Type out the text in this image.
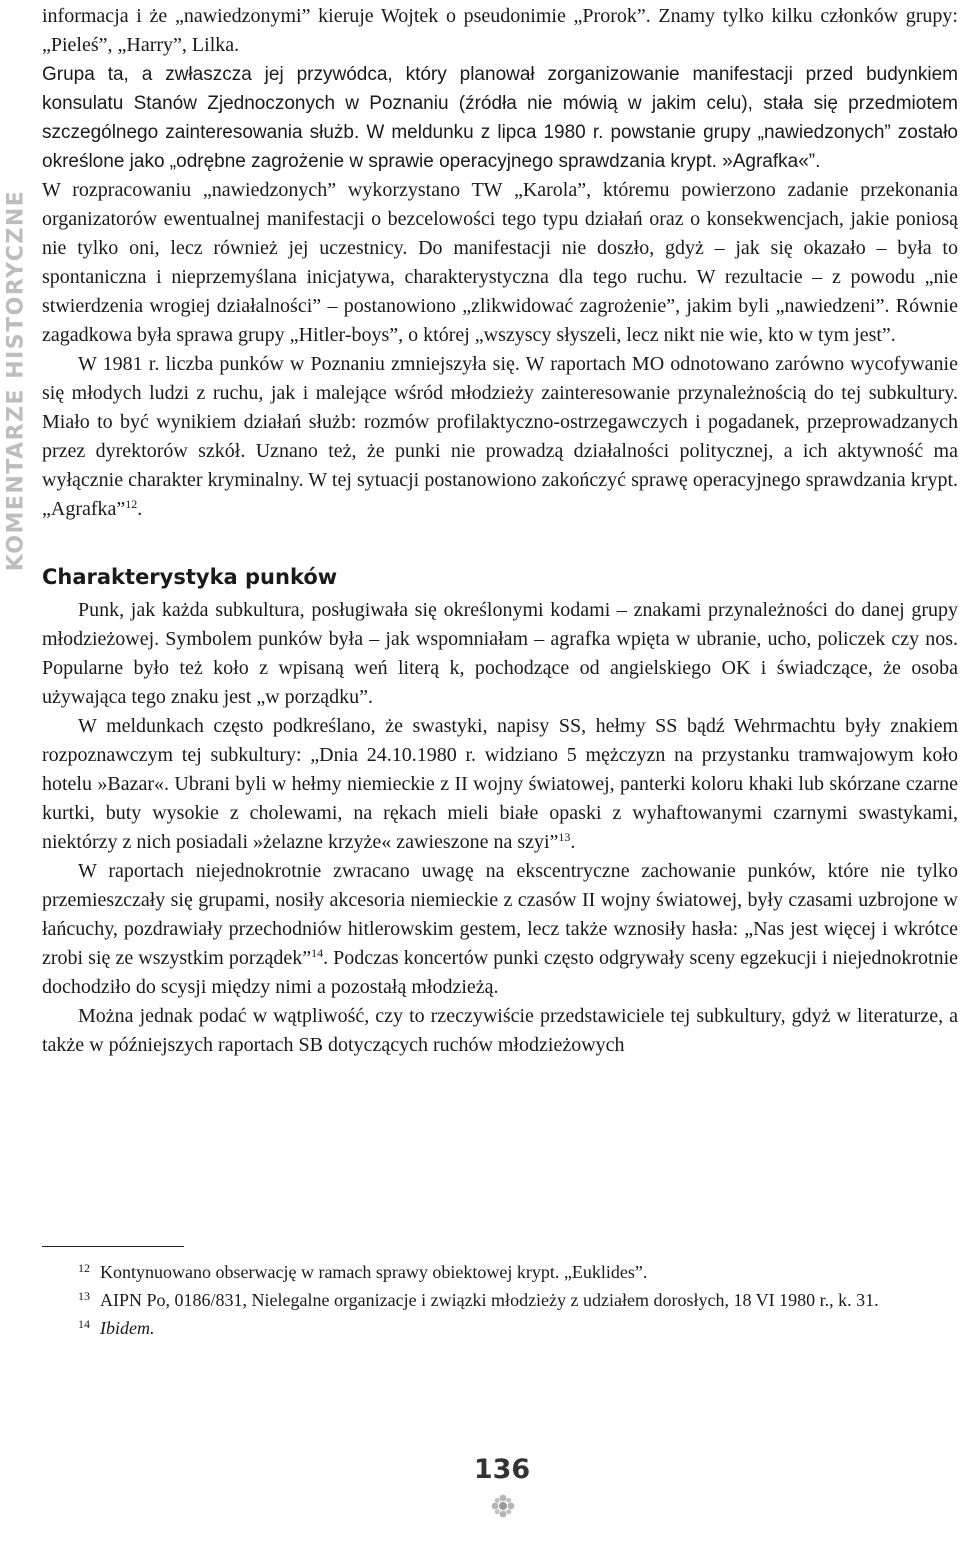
KOMENTARZE HISTORYCZNE

informacja i że „nawiedzonymi” kieruje Wojtek o pseudonimie „Prorok”. Znamy tylko kilku członków grupy: „Pieleś”, „Harry”, Lilka.

Grupa ta, a zwłaszcza jej przywódca, który planował zorganizowanie manifestacji przed budynkiem konsulatu Stanów Zjednoczonych w Poznaniu (źródła nie mówią w jakim celu), stała się przedmiotem szczególnego zainteresowania służb. W meldunku z lipca 1980 r. powstanie grupy „nawiedzonych” zostało określone jako „odrębne zagrożenie w sprawie operacyjnego sprawdzania krypt. »Agrafka«”.

W rozpracowaniu „nawiedzonych” wykorzystano TW „Karola”, któremu powierzono zadanie przekonania organizatorów ewentualnej manifestacji o bezcelowości tego typu działań oraz o konsekwencjach, jakie poniosą nie tylko oni, lecz również jej uczestnicy. Do manifestacji nie doszło, gdyż – jak się okazało – była to spontaniczna i nieprzemyślana inicjatywa, charakterystyczna dla tego ruchu. W rezultacie – z powodu „nie stwierdzenia wrogiej działalności” – postanowiono „zlikwidować zagrożenie”, jakim byli „nawiedzeni”. Równie zagadkowa była sprawa grupy „Hitler-boys”, o której „wszyscy słyszeli, lecz nikt nie wie, kto w tym jest”.

W 1981 r. liczba punków w Poznaniu zmniejszyła się. W raportach MO odnotowano zarówno wycofywanie się młodych ludzi z ruchu, jak i malejące wśród młodzieży zainteresowanie przynależnością do tej subkultury. Miało to być wynikiem działań służb: rozmów profilaktyczno-ostrzegawczych i pogadanek, przeprowadzanych przez dyrektorów szkół. Uznano też, że punki nie prowadzą działalności politycznej, a ich aktywność ma wyłącznie charakter kryminalny. W tej sytuacji postanowiono zakończyć sprawę operacyjnego sprawdzania krypt. „Agrafka”$^{12}$.

Charakterystyka punków

Punk, jak każda subkultura, posługiwała się określonymi kodami – znakami przynależności do danej grupy młodzieżowej. Symbolem punków była – jak wspomniałam – agrafka wpięta w ubranie, ucho, policzek czy nos. Popularne było też koło z wpisaną weń literą k, pochodzące od angielskiego OK i świadczące, że osoba używająca tego znaku jest „w porządku”.

W meldunkach często podkreślano, że swastyki, napisy SS, hełmy SS bądź Wehrmachtu były znakiem rozpoznawczym tej subkultury: „Dnia 24.10.1980 r. widziano 5 mężczyzn na przystanku tramwajowym koło hotelu »Bazar«. Ubrani byli w hełmy niemieckie z II wojny światowej, panterki koloru khaki lub skórzane czarne kurtki, buty wysokie z cholewami, na rękach mieli białe opaski z wyhaftowanymi czarnymi swastykami, niektórzy z nich posiadali »żelazne krzyże« zawieszone na szyi”$^{13}$.

W raportach niejednokrotnie zwracano uwagę na ekscentryczne zachowanie punków, które nie tylko przemieszczały się grupami, nosiły akcesoria niemieckie z czasów II wojny światowej, były czasami uzbrojone w łańcuchy, pozdrawiały przechodniów hitlerowskim gestem, lecz także wznosiły hasła: „Nas jest więcej i wkrótce zrobi się ze wszystkim porządek”$^{14}$. Podczas koncertów punki często odgrywały sceny egzekucji i niejednokrotnie dochodziło do scysji między nimi a pozostałą młodzieżą.

Można jednak podać w wątpliwość, czy to rzeczywiście przedstawiciele tej subkultury, gdyż w literaturze, a także w późniejszych raportach SB dotyczących ruchów młodzieżowych

$^{12}$ Kontynuowano obserwację w ramach sprawy obiektowej krypt. „Euklides”.

$^{13}$ AIPN Po, 0186/831, Nielegalne organizacje i związki młodzieży z udziałem dorosłych, 18 VI 1980 r., k. 31.

$^{14}$ Ibidem.

136
